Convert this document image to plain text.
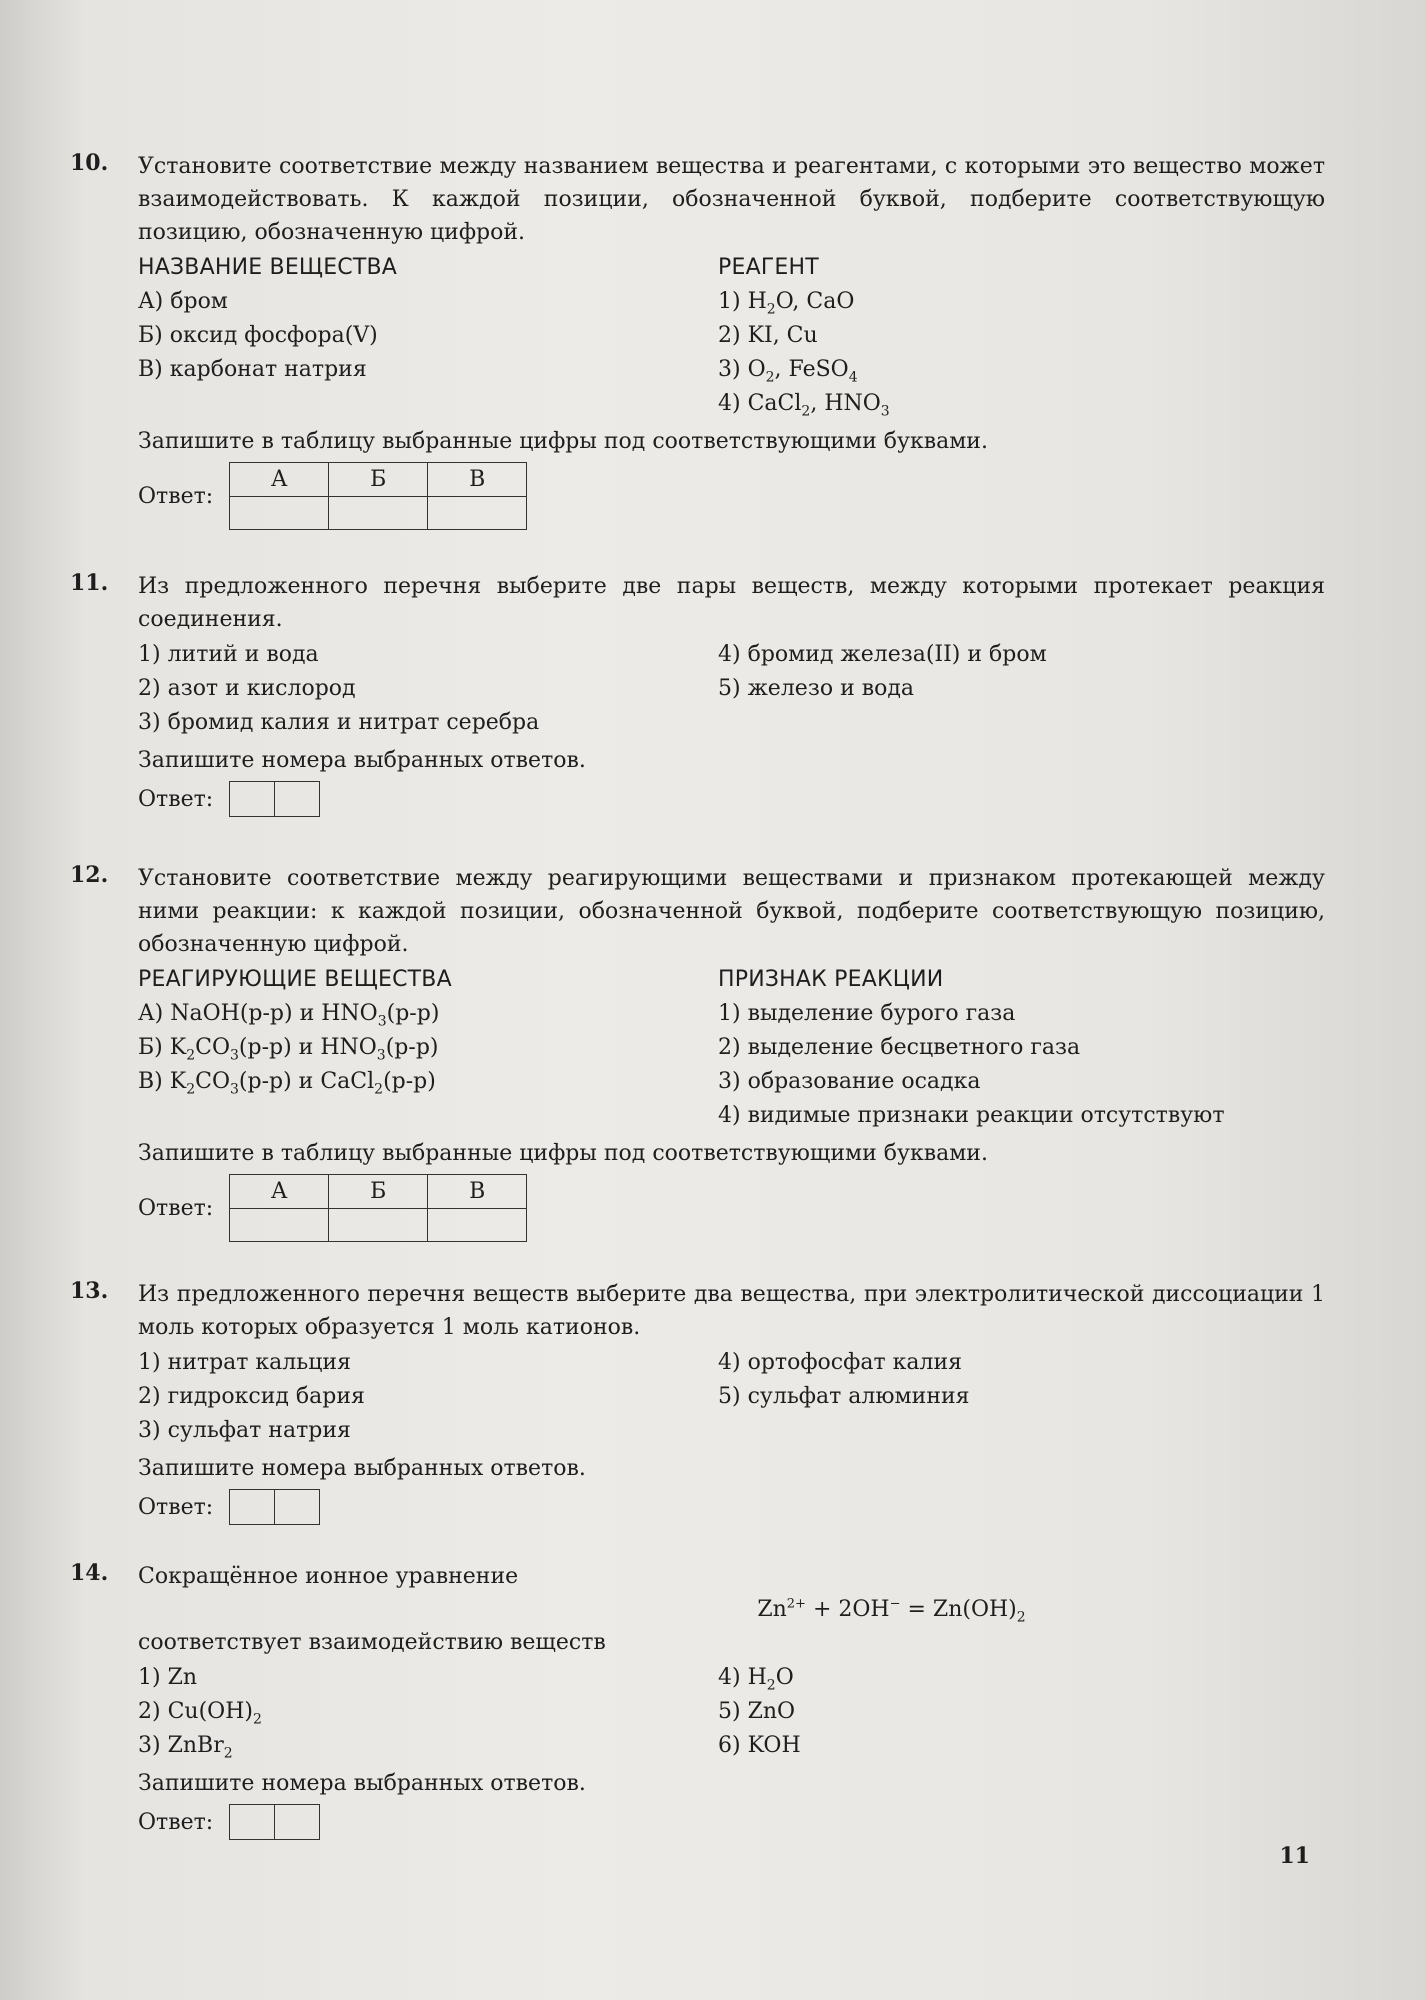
10. Установите соответствие между названием вещества и реагентами, с которыми это вещество может взаимодействовать. К каждой позиции, обозначенной буквой, подберите соответствующую позицию, обозначенную цифрой.
НАЗВАНИЕ ВЕЩЕСТВА
А) бром
Б) оксид фосфора(V)
В) карбонат натрия
РЕАГЕНТ
1) $H_2O$, CaO
2) KI, Cu
3) $O_2$, FeSO$_4$
4) CaCl$_2$, $HNO_3$
Запишите в таблицу выбранные цифры под соответствующими буквами.
Ответ:
А	Б	В

11. Из предложенного перечня выберите две пары веществ, между которыми протекает реакция соединения.
1) литий и вода
2) азот и кислород
3) бромид калия и нитрат серебра
4) бромид железа(II) и бром
5) железо и вода
Запишите номера выбранных ответов.
Ответ:

12. Установите соответствие между реагирующими веществами и признаком протекающей между ними реакции: к каждой позиции, обозначенной буквой, подберите соответствующую позицию, обозначенную цифрой.
РЕАГИРУЮЩИЕ ВЕЩЕСТВА
А) NaOH(р-р) и $HNO_3(р-р)$
Б) $K_2CO_3(р-р)$ и $HNO_3(р-р)$
В) $K_2CO_3(р-р)$ и CaCl$_2$(р-р)
ПРИЗНАК РЕАКЦИИ
1) выделение бурого газа
2) выделение бесцветного газа
3) образование осадка
4) видимые признаки реакции отсутствуют
Запишите в таблицу выбранные цифры под соответствующими буквами.
Ответ:
А	Б	В

13. Из предложенного перечня веществ выберите два вещества, при электролитической диссоциации 1 моль которых образуется 1 моль катионов.
1) нитрат кальция
2) гидроксид бария
3) сульфат натрия
4) ортофосфат калия
5) сульфат алюминия
Запишите номера выбранных ответов.
Ответ:

14. Сокращённое ионное уравнение
$Zn^{2+} + 2OH^- = Zn(OH)_2$
соответствует взаимодействию веществ
1) Zn
2) $Cu(OH)_2$
3) ZnBr$_2$
4) $H_2O$
5) ZnO
6) KOH
Запишите номера выбранных ответов.
Ответ:

11
